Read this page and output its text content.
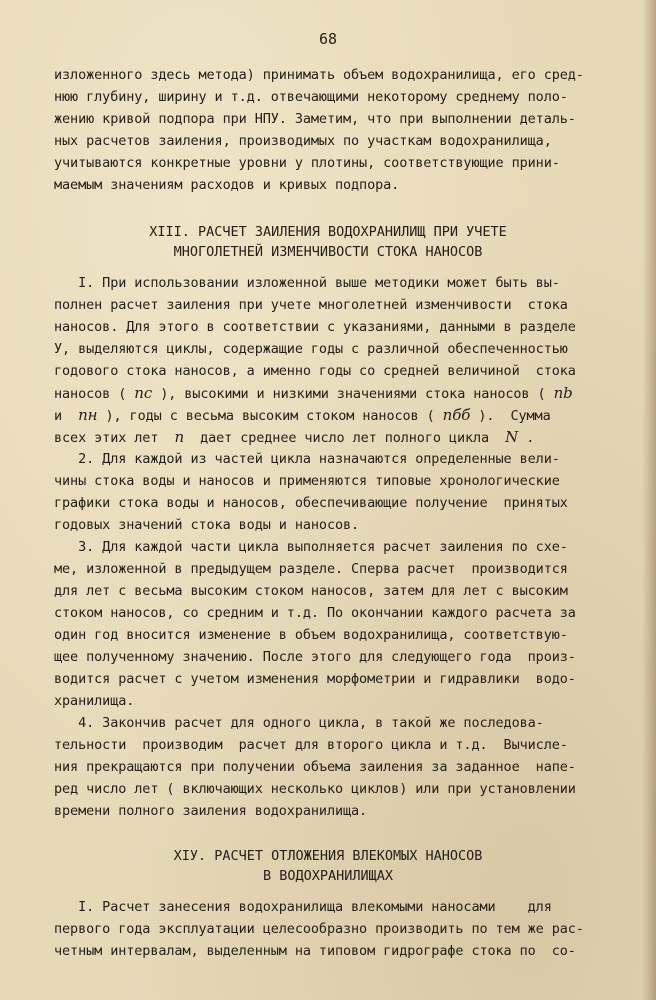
68
изложенного здесь метода) принимать объем водохранилища, его сред-
нюю глубину, ширину и т.д. отвечающими некоторому среднему поло-
жению кривой подпора при НПУ. Заметим, что при выполнении деталь-
ных расчетов заиления, производимых по участкам водохранилища,
учитываются конкретные уровни у плотины, соответствующие прини-
маемым значениям расходов и кривых подпора.
XIII. РАСЧЕТ ЗАИЛЕНИЯ ВОДОХРАНИЛИЩ ПРИ УЧЕТЕ
МНОГОЛЕТНЕЙ ИЗМЕНЧИВОСТИ СТОКА НАНОСОВ
I. При использовании изложенной выше методики может быть вы-
полнен расчет заиления при учете многолетней изменчивости  стока
наносов. Для этого в соответствии с указаниями, данными в разделе
У, выделяются циклы, содержащие годы с различной обеспеченностью
годового стока наносов, а именно годы со средней величиной  стока
наносов ( nc ), высокими и низкими значениями стока наносов ( nb
и nн ), годы с весьма высоким стоком наносов ( nбб ).  Сумма
всех этих лет n дает среднее число лет полного цикла N .
2. Для каждой из частей цикла назначаются определенные вели-
чины стока воды и наносов и применяются типовые хронологические
графики стока воды и наносов, обеспечивающие получение  принятых
годовых значений стока воды и наносов.
3. Для каждой части цикла выполняется расчет заиления по схе-
ме, изложенной в предыдущем разделе. Сперва расчет  производится
для лет с весьма высоким стоком наносов, затем для лет с высоким
стоком наносов, со средним и т.д. По окончании каждого расчета за
один год вносится изменение в объем водохранилища, соответствую-
щее полученному значению. После этого для следующего года  произ-
водится расчет с учетом изменения морфометрии и гидравлики  водо-
хранилища.
4. Закончив расчет для одного цикла, в такой же последова-
тельности  производим  расчет для второго цикла и т.д.  Вычисле-
ния прекращаются при получении объема заиления за заданное  напе-
ред число лет ( включающих несколько циклов) или при установлении
времени полного заиления водохранилища.
XIУ. РАСЧЕТ ОТЛОЖЕНИЯ ВЛЕКОМЫХ НАНОСОВ
В ВОДОХРАНИЛИЩАХ
I. Расчет занесения водохранилища влекомыми наносами    для
первого года эксплуатации целесообразно производить по тем же рас-
четным интервалам, выделенным на типовом гидрографе стока по  со-
